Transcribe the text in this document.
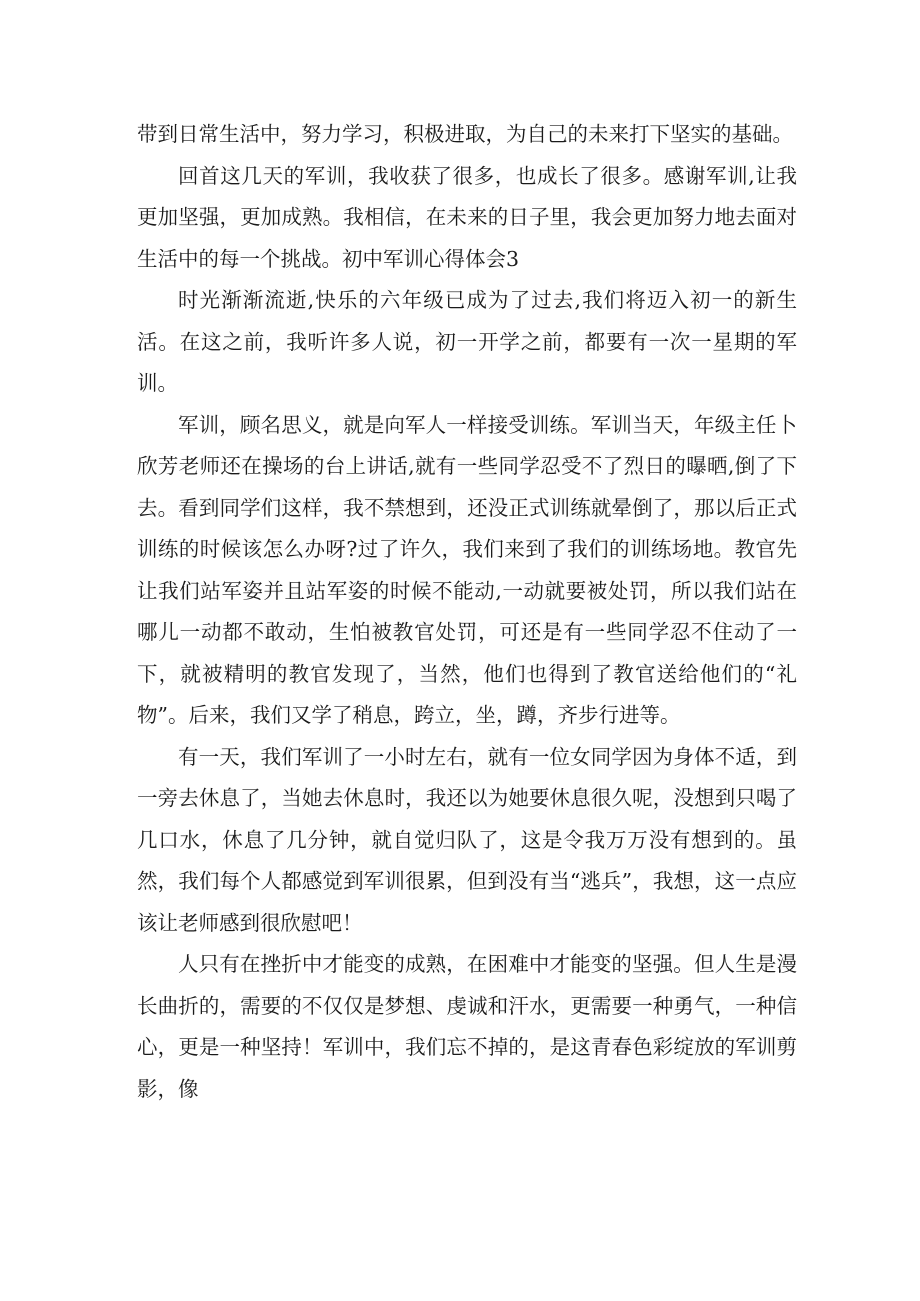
带到日常生活中，努力学习，积极进取，为自己的未来打下坚实的基础。

回首这几天的军训，我收获了很多，也成长了很多。感谢军训,让我更加坚强，更加成熟。我相信，在未来的日子里，我会更加努力地去面对生活中的每一个挑战。初中军训心得体会3

时光渐渐流逝,快乐的六年级已成为了过去,我们将迈入初一的新生活。在这之前，我听许多人说，初一开学之前，都要有一次一星期的军训。

军训，顾名思义，就是向军人一样接受训练。军训当天，年级主任卜欣芳老师还在操场的台上讲话,就有一些同学忍受不了烈日的曝晒,倒了下去。看到同学们这样，我不禁想到，还没正式训练就晕倒了，那以后正式训练的时候该怎么办呀?过了许久，我们来到了我们的训练场地。教官先让我们站军姿并且站军姿的时候不能动,一动就要被处罚，所以我们站在哪儿一动都不敢动，生怕被教官处罚，可还是有一些同学忍不住动了一下，就被精明的教官发现了，当然，他们也得到了教官送给他们的“礼物”。后来，我们又学了稍息，跨立，坐，蹲，齐步行进等。

有一天，我们军训了一小时左右，就有一位女同学因为身体不适，到一旁去休息了，当她去休息时，我还以为她要休息很久呢，没想到只喝了几口水，休息了几分钟，就自觉归队了，这是令我万万没有想到的。虽然，我们每个人都感觉到军训很累，但到没有当“逃兵”，我想，这一点应该让老师感到很欣慰吧！

人只有在挫折中才能变的成熟，在困难中才能变的坚强。但人生是漫长曲折的，需要的不仅仅是梦想、虔诚和汗水，更需要一种勇气，一种信心，更是一种坚持！军训中，我们忘不掉的，是这青春色彩绽放的军训剪影，像
